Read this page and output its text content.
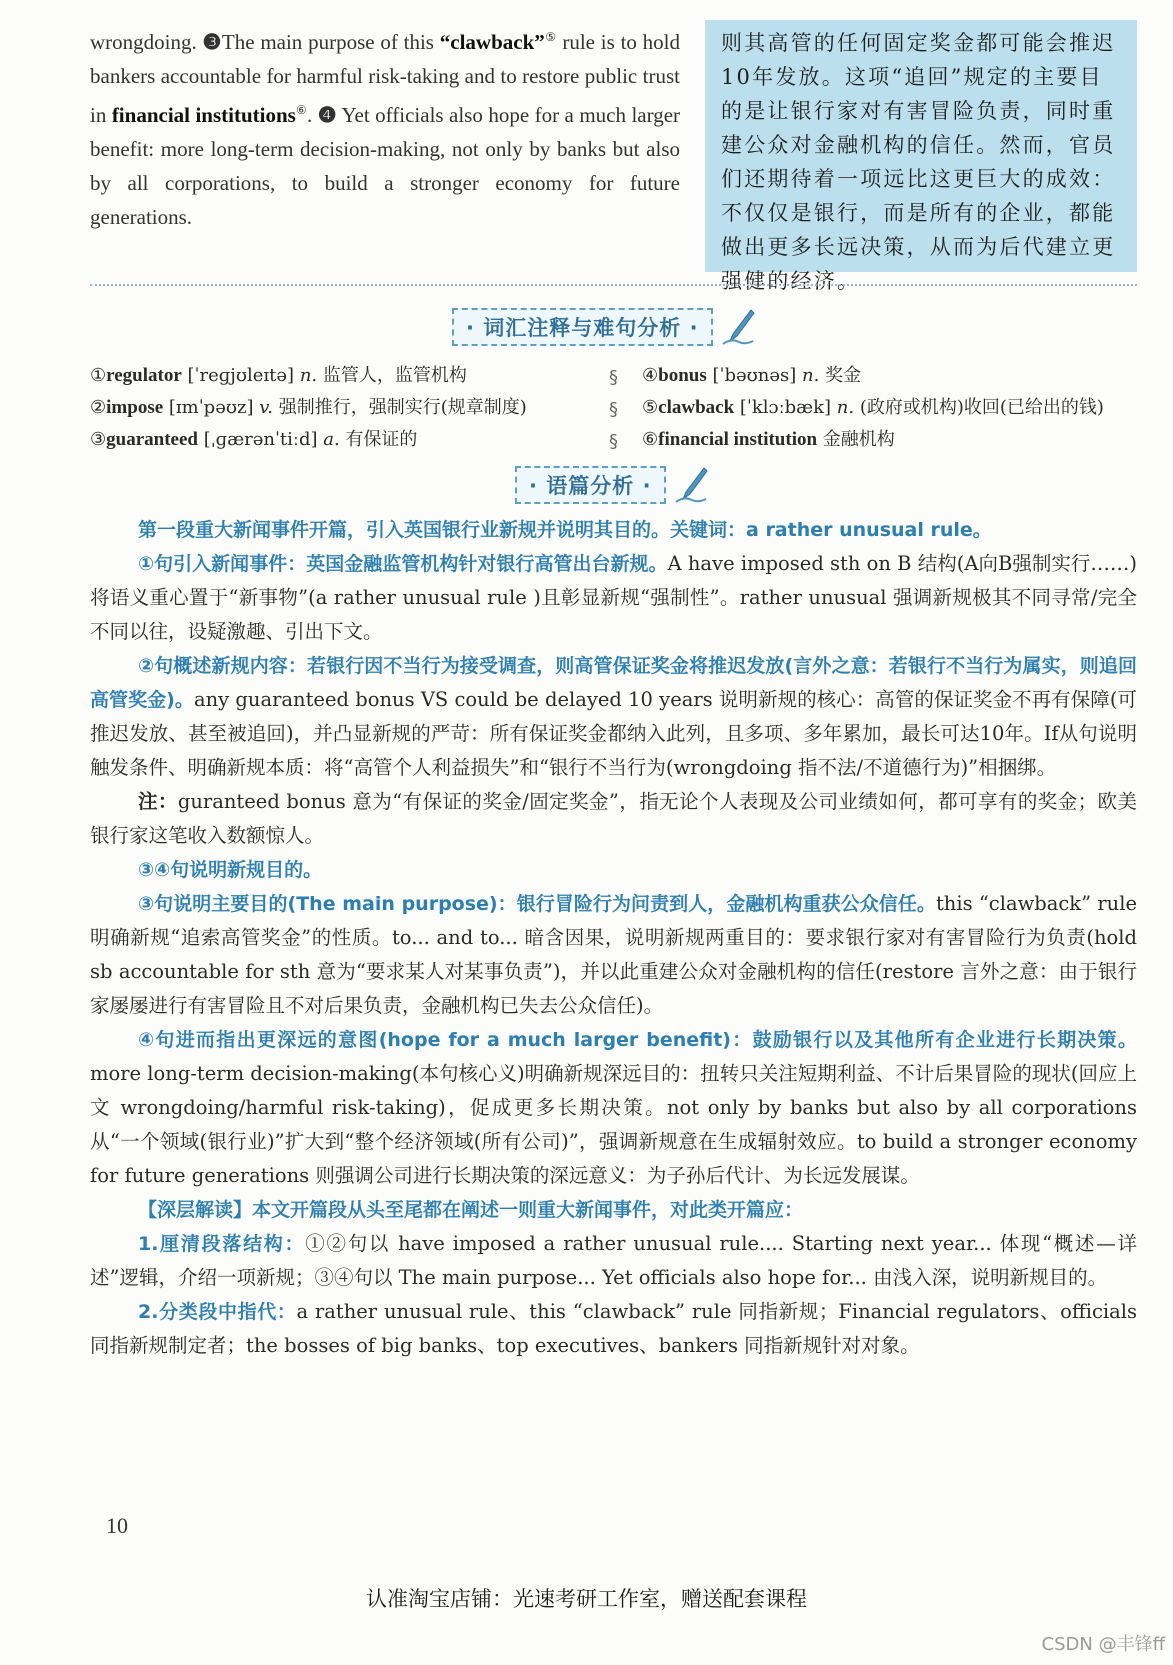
wrongdoing. ❸The main purpose of this “clawback”⑤ rule is to hold bankers accountable for harmful risk-taking and to restore public trust in financial institutions⑥. ❹ Yet officials also hope for a much larger benefit: more long-term decision-making, not only by banks but also by all corporations, to build a stronger economy for future generations.
则其高管的任何固定奖金都可能会推迟10年发放。这项“追回”规定的主要目的是让银行家对有害冒险负责，同时重建公众对金融机构的信任。然而，官员们还期待着一项远比这更巨大的成效：不仅仅是银行，而是所有的企业，都能做出更多长远决策，从而为后代建立更强健的经济。
· 词汇注释与难句分析 ·
①regulator [ˈreɡjʊleɪtə] n. 监管人，监管机构
②impose [ɪmˈpəʊz] v. 强制推行，强制实行(规章制度)
③guaranteed [ˌɡærənˈtiːd] a. 有保证的
§
§
§
④bonus [ˈbəʊnəs] n. 奖金
⑤clawback [ˈklɔːbæk] n. (政府或机构)收回(已给出的钱)
⑥financial institution 金融机构
· 语篇分析 ·

第一段重大新闻事件开篇，引入英国银行业新规并说明其目的。关键词：a rather unusual rule。

①句引入新闻事件：英国金融监管机构针对银行高管出台新规。A have imposed sth on B 结构(A向B强制实行……)将语义重心置于“新事物”(a rather unusual rule )且彰显新规“强制性”。rather unusual 强调新规极其不同寻常/完全不同以往，设疑激趣、引出下文。

②句概述新规内容：若银行因不当行为接受调查，则高管保证奖金将推迟发放(言外之意：若银行不当行为属实，则追回高管奖金)。any guaranteed bonus VS could be delayed 10 years 说明新规的核心：高管的保证奖金不再有保障(可推迟发放、甚至被追回)，并凸显新规的严苛：所有保证奖金都纳入此列，且多项、多年累加，最长可达10年。If从句说明触发条件、明确新规本质：将“高管个人利益损失”和“银行不当行为(wrongdoing 指不法/不道德行为)”相捆绑。

注：guranteed bonus 意为“有保证的奖金/固定奖金”，指无论个人表现及公司业绩如何，都可享有的奖金；欧美银行家这笔收入数额惊人。

③④句说明新规目的。

③句说明主要目的(The main purpose)：银行冒险行为问责到人，金融机构重获公众信任。this “clawback” rule 明确新规“追索高管奖金”的性质。to... and to... 暗含因果，说明新规两重目的：要求银行家对有害冒险行为负责(hold sb accountable for sth 意为“要求某人对某事负责”)，并以此重建公众对金融机构的信任(restore 言外之意：由于银行家屡屡进行有害冒险且不对后果负责，金融机构已失去公众信任)。

④句进而指出更深远的意图(hope for a much larger benefit)：鼓励银行以及其他所有企业进行长期决策。more long-term decision-making(本句核心义)明确新规深远目的：扭转只关注短期利益、不计后果冒险的现状(回应上文 wrongdoing/harmful risk-taking)，促成更多长期决策。not only by banks but also by all corporations 从“一个领域(银行业)”扩大到“整个经济领域(所有公司)”，强调新规意在生成辐射效应。to build a stronger economy for future generations 则强调公司进行长期决策的深远意义：为子孙后代计、为长远发展谋。

【深层解读】本文开篇段从头至尾都在阐述一则重大新闻事件，对此类开篇应：

1.厘清段落结构：①②句以 have imposed a rather unusual rule.... Starting next year... 体现“概述—详述”逻辑，介绍一项新规；③④句以 The main purpose... Yet officials also hope for... 由浅入深，说明新规目的。

2.分类段中指代：a rather unusual rule、this “clawback” rule 同指新规；Financial regulators、officials 同指新规制定者；the bosses of big banks、top executives、bankers 同指新规针对对象。

10
认准淘宝店铺：光速考研工作室，赠送配套课程
CSDN @丰锋ff
